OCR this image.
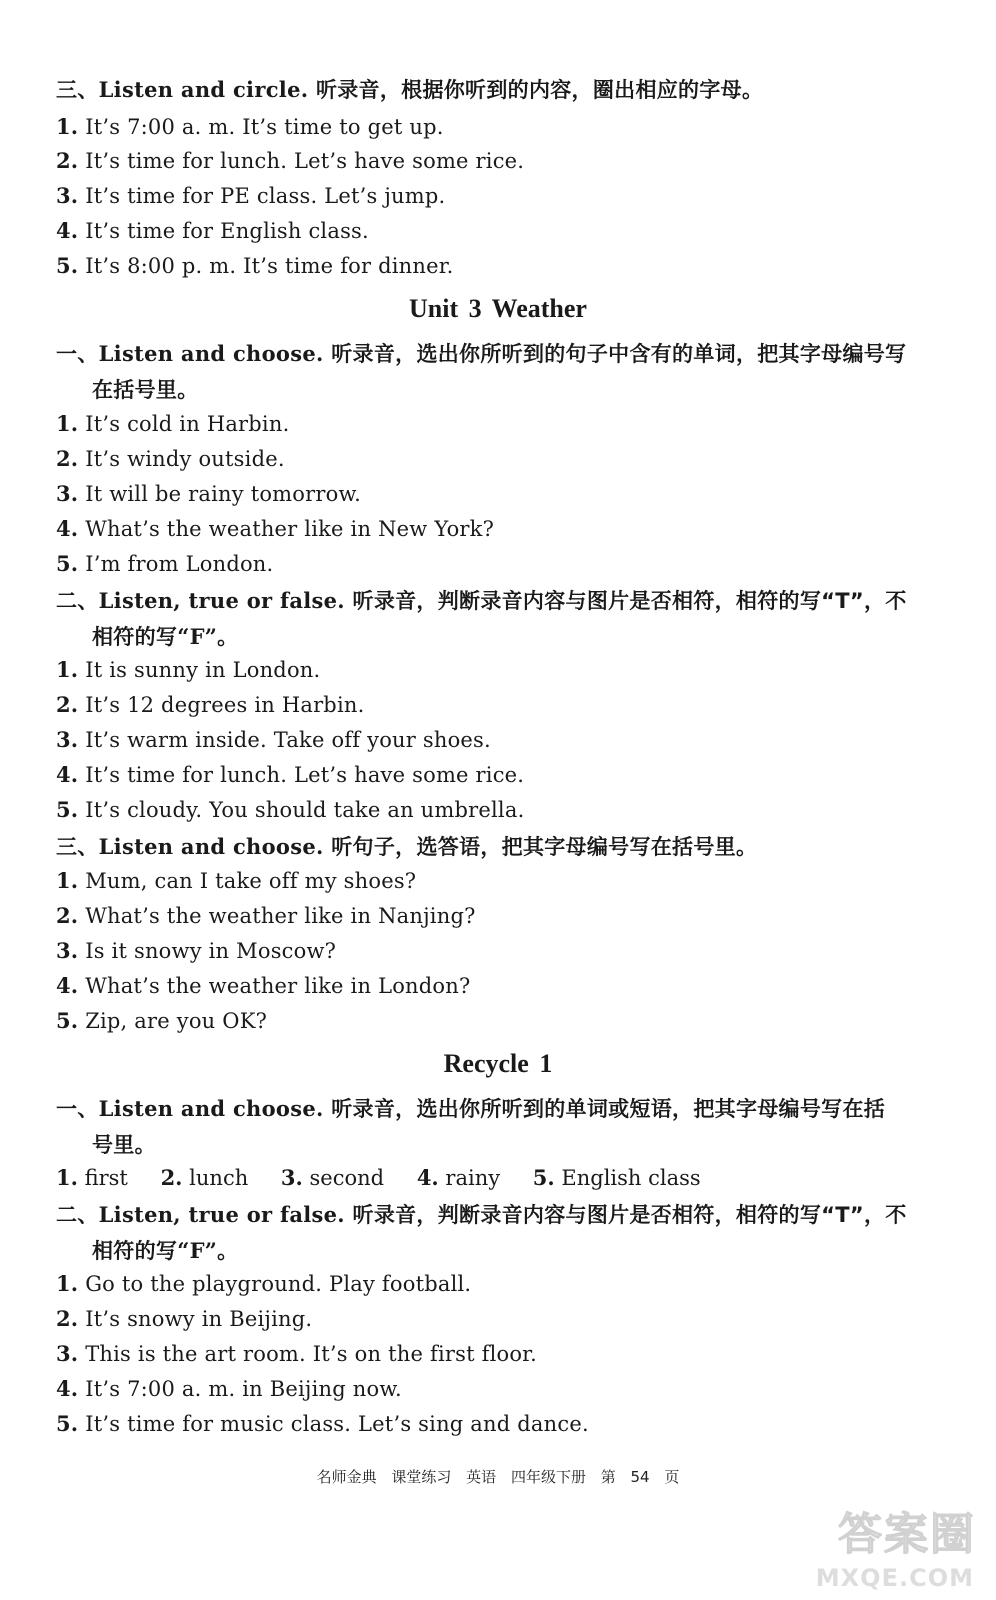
三、Listen and circle. 听录音，根据你听到的内容，圈出相应的字母。
1. It’s 7:00 a. m. It’s time to get up.
2. It’s time for lunch. Let’s have some rice.
3. It’s time for PE class. Let’s jump.
4. It’s time for English class.
5. It’s 8:00 p. m. It’s time for dinner.
Unit 3 Weather
一、Listen and choose. 听录音，选出你所听到的句子中含有的单词，把其字母编号写
在括号里。
1. It’s cold in Harbin.
2. It’s windy outside.
3. It will be rainy tomorrow.
4. What’s the weather like in New York?
5. I’m from London.
二、Listen, true or false. 听录音，判断录音内容与图片是否相符，相符的写“T”，不
相符的写“F”。
1. It is sunny in London.
2. It’s 12 degrees in Harbin.
3. It’s warm inside. Take off your shoes.
4. It’s time for lunch. Let’s have some rice.
5. It’s cloudy. You should take an umbrella.
三、Listen and choose. 听句子，选答语，把其字母编号写在括号里。
1. Mum, can I take off my shoes?
2. What’s the weather like in Nanjing?
3. Is it snowy in Moscow?
4. What’s the weather like in London?
5. Zip, are you OK?
Recycle 1
一、Listen and choose. 听录音，选出你所听到的单词或短语，把其字母编号写在括
号里。
1. first 2. lunch 3. second 4. rainy 5. English class
二、Listen, true or false. 听录音，判断录音内容与图片是否相符，相符的写“T”，不
相符的写“F”。
1. Go to the playground. Play football.
2. It’s snowy in Beijing.
3. This is the art room. It’s on the first floor.
4. It’s 7:00 a. m. in Beijing now.
5. It’s time for music class. Let’s sing and dance.
名师金典 课堂练习 英语 四年级下册 第 54 页
答案圈
MXQE.COM
